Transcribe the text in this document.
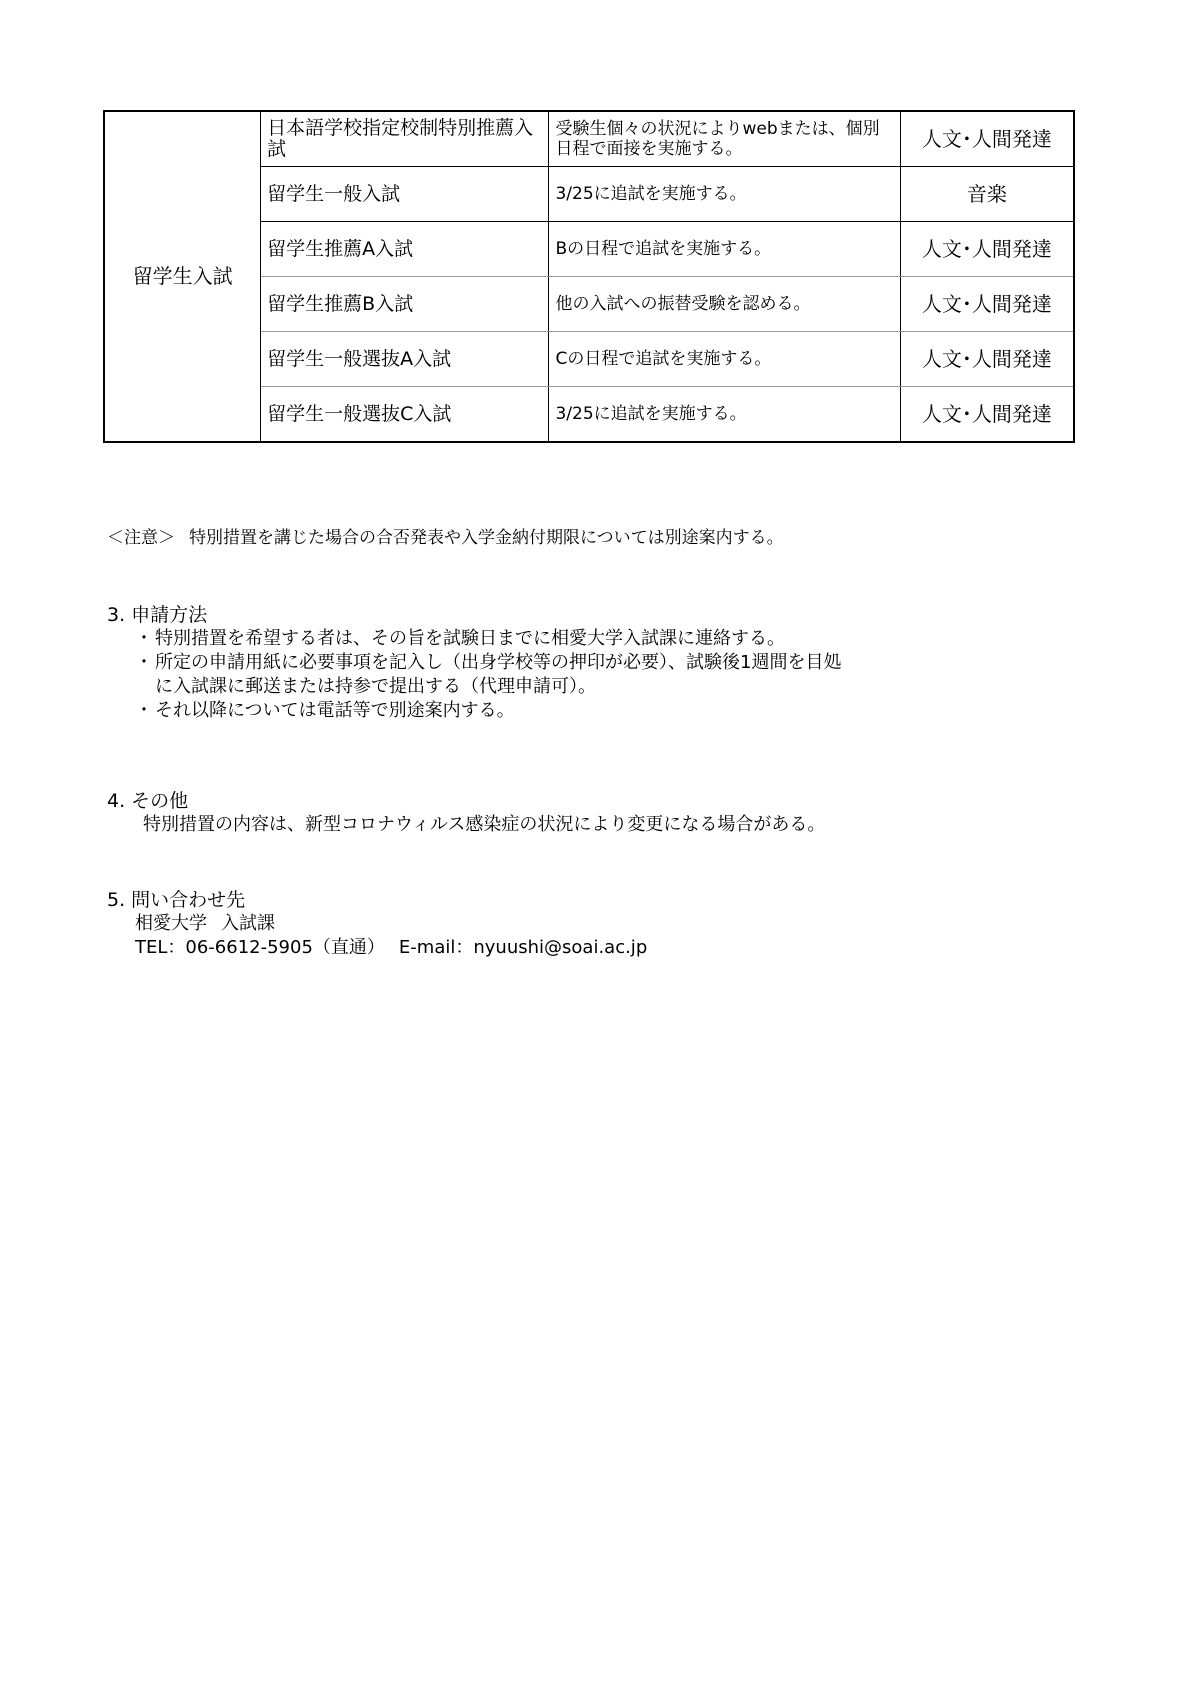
留学生入試	日本語学校指定校制特別推薦入試	受験生個々の状況によりwebまたは、個別日程で面接を実施する。	人文･人間発達
	留学生一般入試	3/25に追試を実施する。	音楽
	留学生推薦A入試	Bの日程で追試を実施する。	人文･人間発達
	留学生推薦B入試	他の入試への振替受験を認める。	人文･人間発達
	留学生一般選抜A入試	Cの日程で追試を実施する。	人文･人間発達
	留学生一般選抜C入試	3/25に追試を実施する。	人文･人間発達
＜注意＞ 特別措置を講じた場合の合否発表や入学金納付期限については別途案内する。
3. 申請方法
・ 特別措置を希望する者は、その旨を試験日までに相愛大学入試課に連絡する。
・ 所定の申請用紙に必要事項を記入し（出身学校等の押印が必要）、試験後1週間を目処
に入試課に郵送または持参で提出する（代理申請可）。
・ それ以降については電話等で別途案内する。
4. その他
特別措置の内容は、新型コロナウィルス感染症の状況により変更になる場合がある。
5. 問い合わせ先
相愛大学 入試課
TEL：06-6612-5905（直通） E-mail：nyuushi@soai.ac.jp
